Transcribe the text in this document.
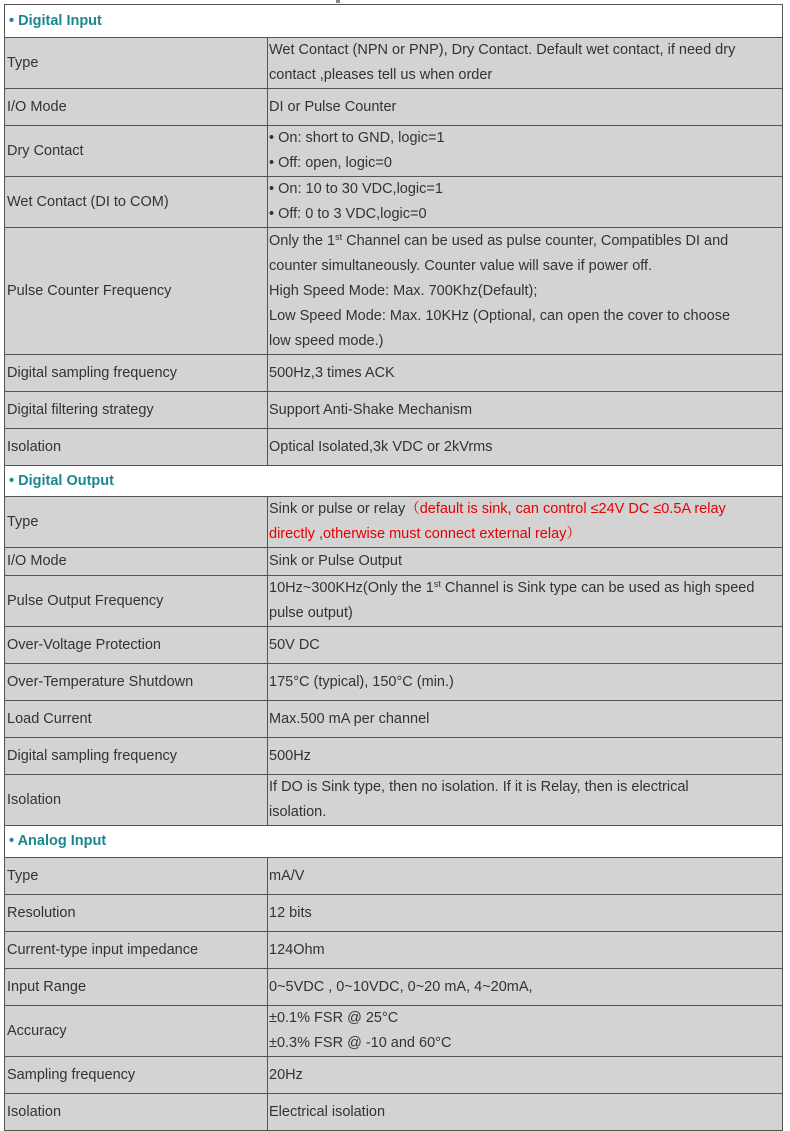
• Digital Input	
Type	Wet Contact (NPN or PNP), Dry Contact. Default wet contact, if need dry
contact ,pleases tell us when order

I/O Mode	DI or Pulse Counter

Dry Contact	• On: short to GND, logic=1
• Off: open, logic=0

Wet Contact (DI to COM)	• On: 10 to 30 VDC,logic=1
• Off: 0 to 3 VDC,logic=0

Pulse Counter Frequency	Only the 1st Channel can be used as pulse counter, Compatibles DI and
counter simultaneously. Counter value will save if power off.
High Speed Mode: Max. 700Khz(Default);
Low Speed Mode: Max. 10KHz (Optional, can open the cover to choose
low speed mode.)

Digital sampling frequency	500Hz,3 times ACK

Digital filtering strategy	Support Anti-Shake Mechanism

Isolation	Optical Isolated,3k VDC or 2kVrms

• Digital Output	
Type	Sink or pulse or relay（default is sink, can control ≤24V DC ≤0.5A relay
directly ,otherwise must connect external relay）

I/O Mode	Sink or Pulse Output

Pulse Output Frequency	10Hz~300KHz(Only the 1st Channel is Sink type can be used as high speed
pulse output)

Over-Voltage Protection	50V DC

Over-Temperature Shutdown	175°C (typical), 150°C (min.)

Load Current	Max.500 mA per channel

Digital sampling frequency	500Hz

Isolation	If DO is Sink type, then no isolation. If it is Relay, then is electrical
isolation.

• Analog Input	
Type	mA/V

Resolution	12 bits

Current-type input impedance	124Ohm

Input Range	0~5VDC , 0~10VDC, 0~20 mA, 4~20mA,

Accuracy	±0.1% FSR @ 25°C
±0.3% FSR @ -10 and 60°C

Sampling frequency	20Hz

Isolation	Electrical isolation
